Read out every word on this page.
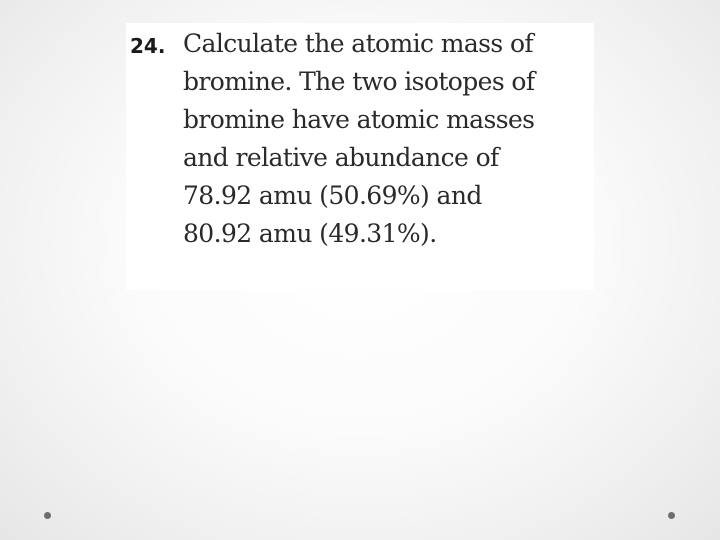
24. Calculate the atomic mass of
bromine. The two isotopes of
bromine have atomic masses
and relative abundance of
78.92 amu (50.69%) and
80.92 amu (49.31%).
